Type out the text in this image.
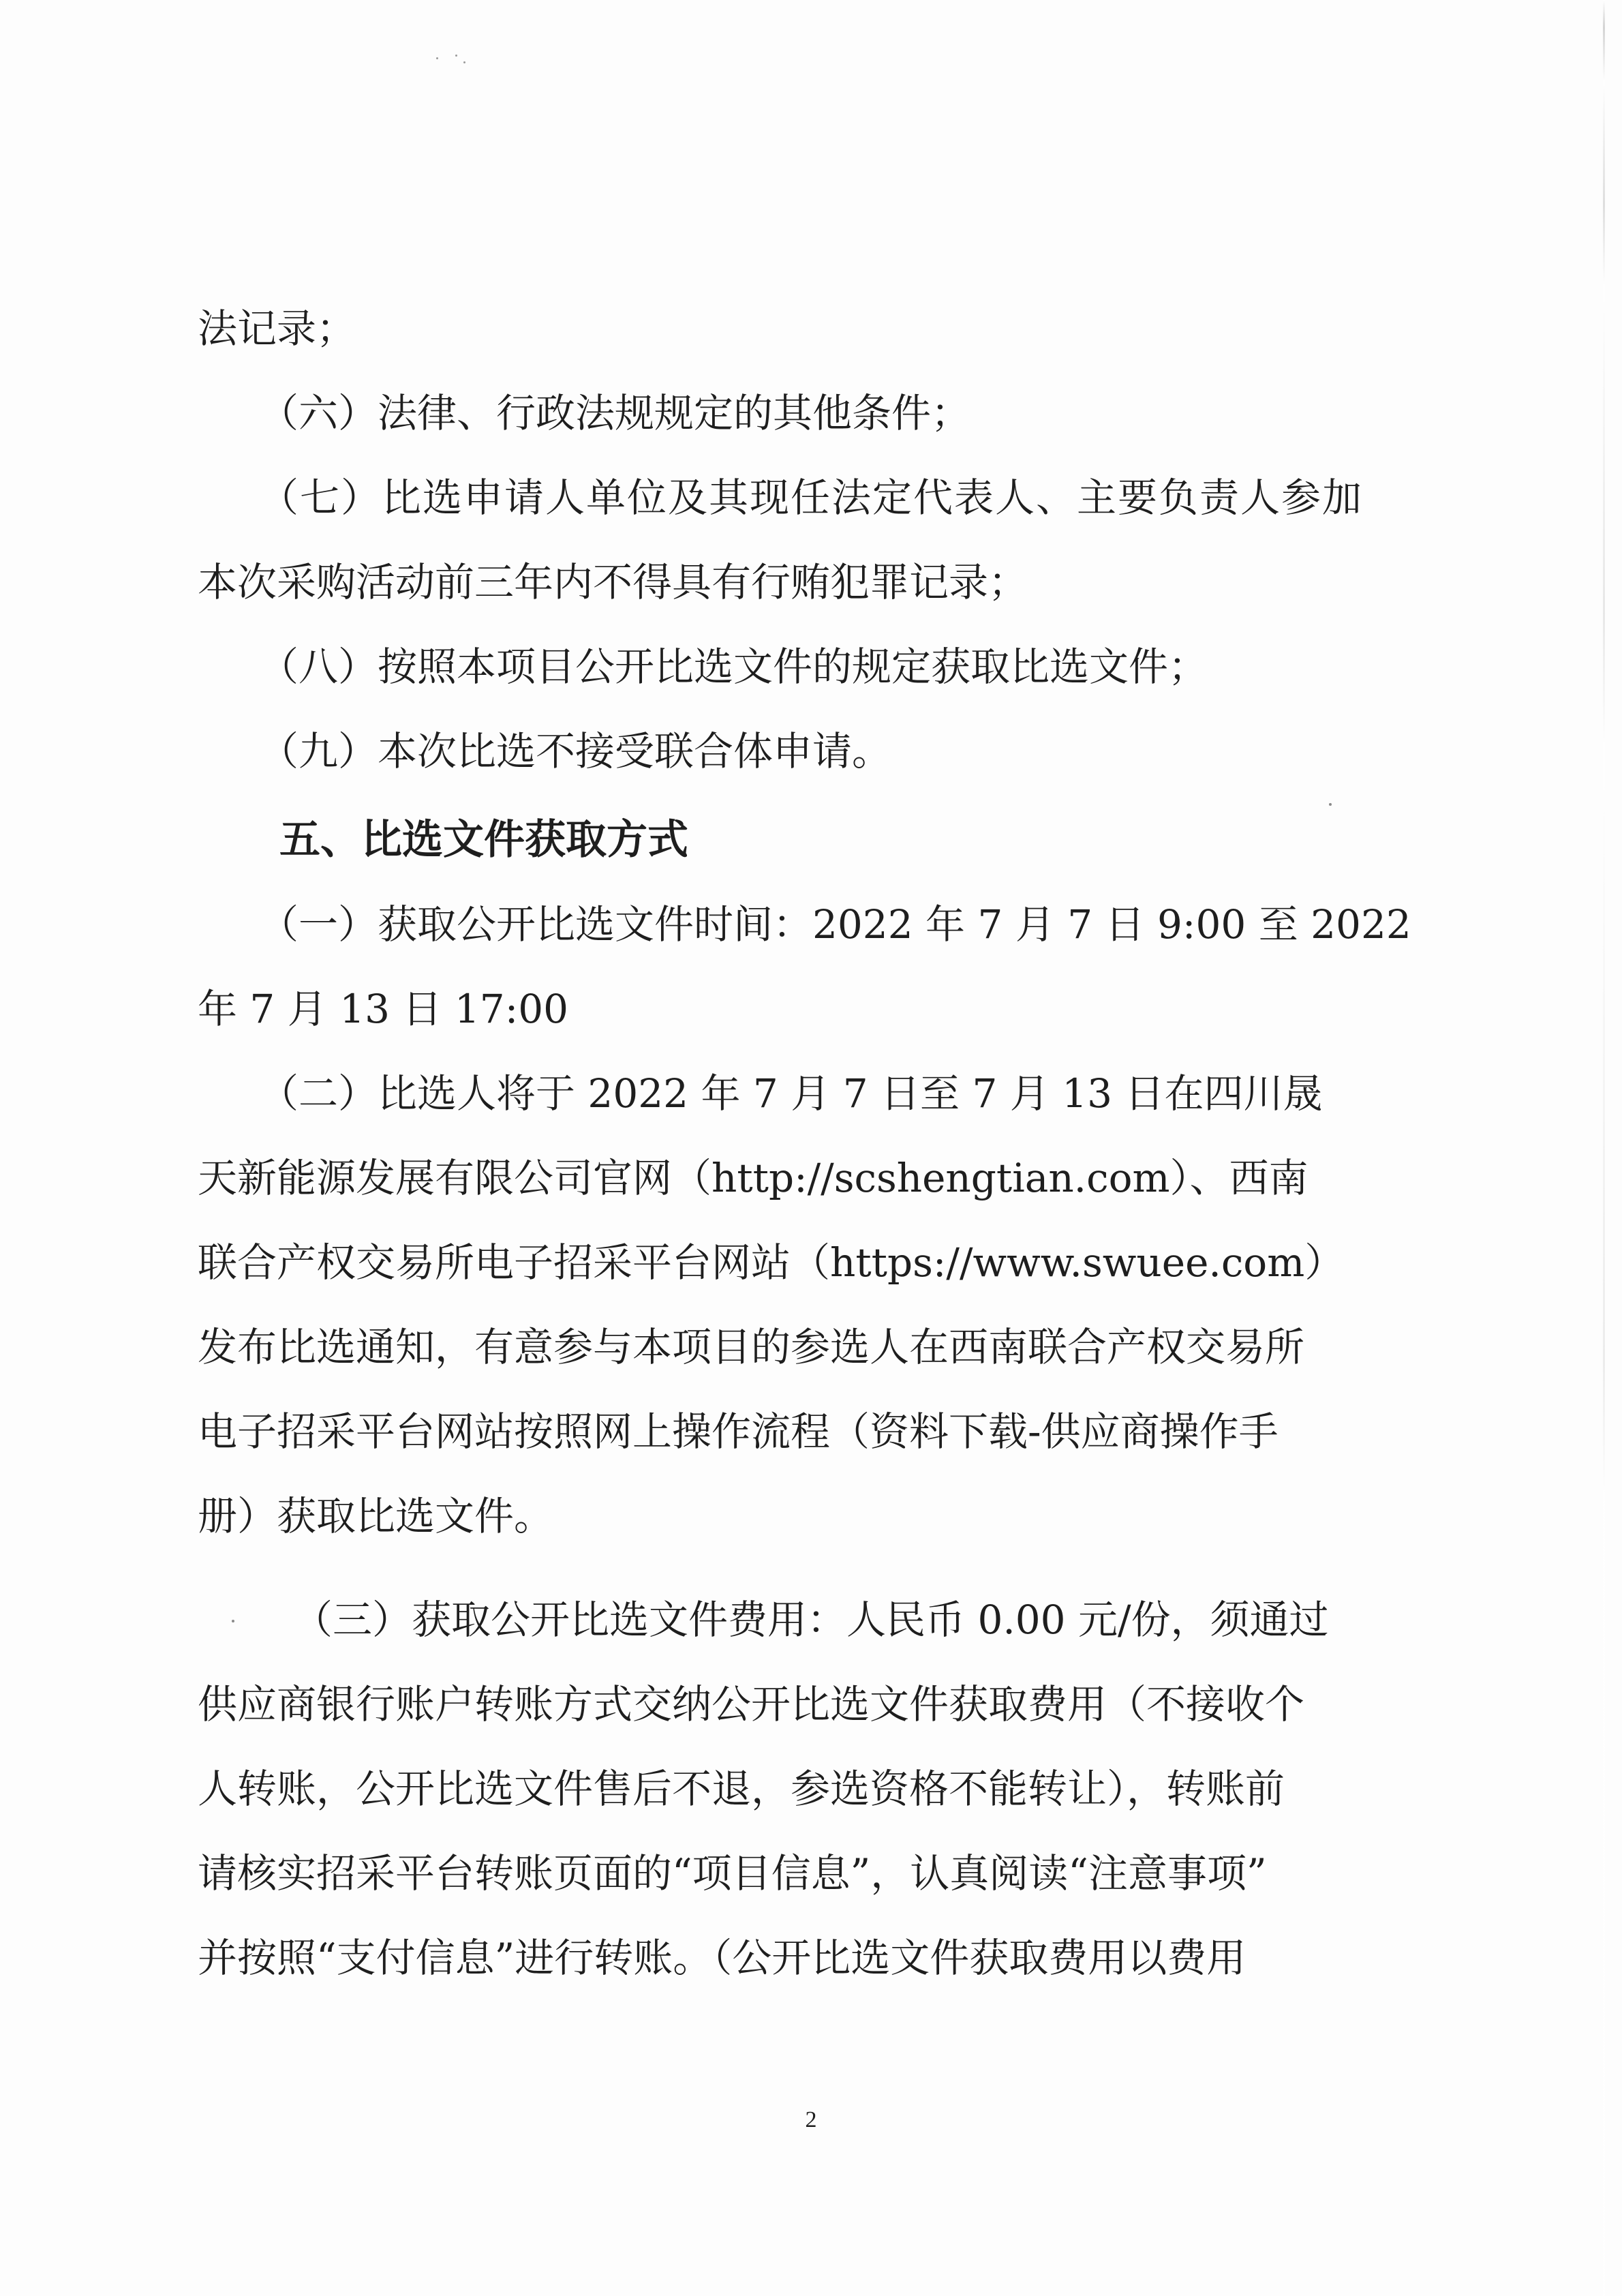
法记录；
（六）法律、行政法规规定的其他条件；
（七）比选申请人单位及其现任法定代表人、主要负责人参加
本次采购活动前三年内不得具有行贿犯罪记录；
（八）按照本项目公开比选文件的规定获取比选文件；
（九）本次比选不接受联合体申请。
五、比选文件获取方式
（一）获取公开比选文件时间：2022 年 7 月 7 日 9:00 至 2022
年 7 月 13 日 17:00
（二）比选人将于 2022 年 7 月 7 日至 7 月 13 日在四川晟
天新能源发展有限公司官网（http://scshengtian.com）、西南
联合产权交易所电子招采平台网站（https://www.swuee.com）
发布比选通知，有意参与本项目的参选人在西南联合产权交易所
电子招采平台网站按照网上操作流程（资料下载-供应商操作手
册）获取比选文件。
（三）获取公开比选文件费用：人民币 0.00 元/份，须通过
供应商银行账户转账方式交纳公开比选文件获取费用（不接收个
人转账，公开比选文件售后不退，参选资格不能转让），转账前
请核实招采平台转账页面的“项目信息”，认真阅读“注意事项”
并按照“支付信息”进行转账。（公开比选文件获取费用以费用
2
